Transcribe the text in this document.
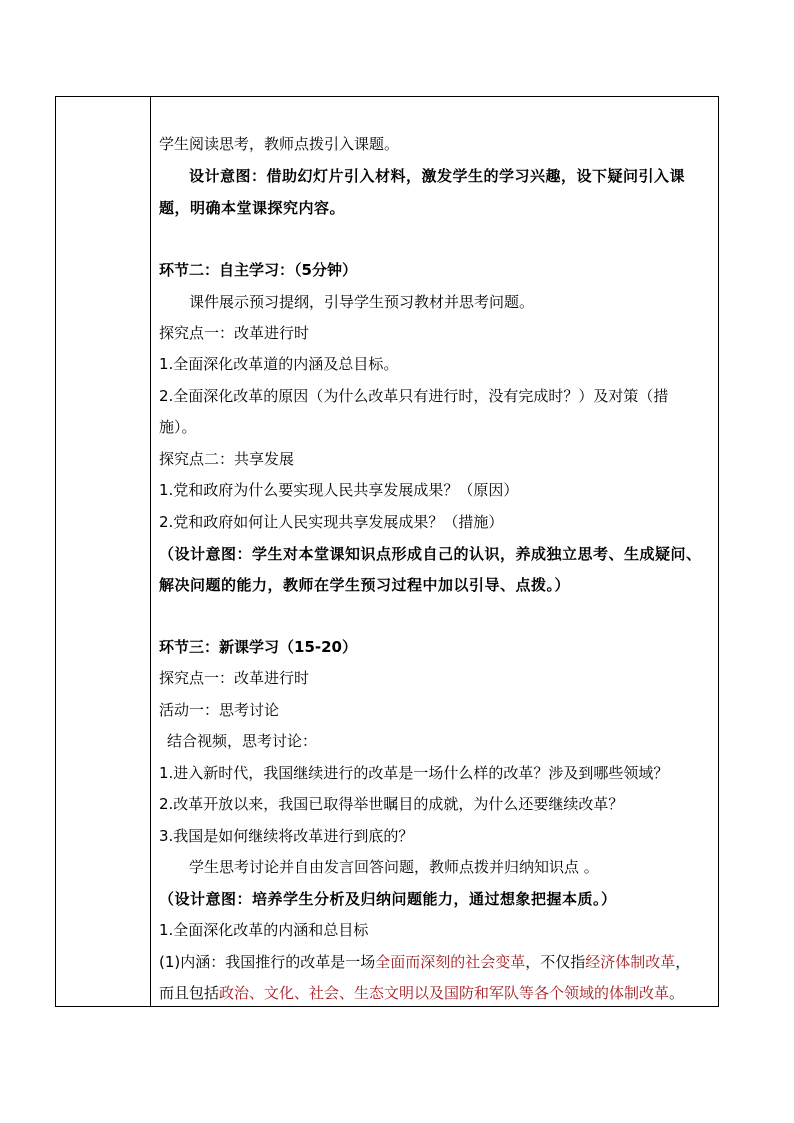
学生阅读思考，教师点拨引入课题。
设计意图：借助幻灯片引入材料，激发学生的学习兴趣，设下疑问引入课
题，明确本堂课探究内容。
环节二：自主学习：（5分钟）
课件展示预习提纲，引导学生预习教材并思考问题。
探究点一：改革进行时
1.全面深化改革道的内涵及总目标。
2.全面深化改革的原因（为什么改革只有进行时，没有完成时？）及对策（措
施）。
探究点二：共享发展
1.党和政府为什么要实现人民共享发展成果？（原因）
2.党和政府如何让人民实现共享发展成果？（措施）
（设计意图：学生对本堂课知识点形成自己的认识，养成独立思考、生成疑问、
解决问题的能力，教师在学生预习过程中加以引导、点拨。）
环节三：新课学习（15-20）
探究点一：改革进行时
活动一：思考讨论
结合视频，思考讨论：
1.进入新时代，我国继续进行的改革是一场什么样的改革？涉及到哪些领域？
2.改革开放以来，我国已取得举世瞩目的成就，为什么还要继续改革？
3.我国是如何继续将改革进行到底的？
学生思考讨论并自由发言回答问题，教师点拨并归纳知识点 。
（设计意图：培养学生分析及归纳问题能力，通过想象把握本质。）
1.全面深化改革的内涵和总目标
(1)内涵：我国推行的改革是一场全面而深刻的社会变革，不仅指经济体制改革，
而且包括政治、文化、社会、生态文明以及国防和军队等各个领域的体制改革。
